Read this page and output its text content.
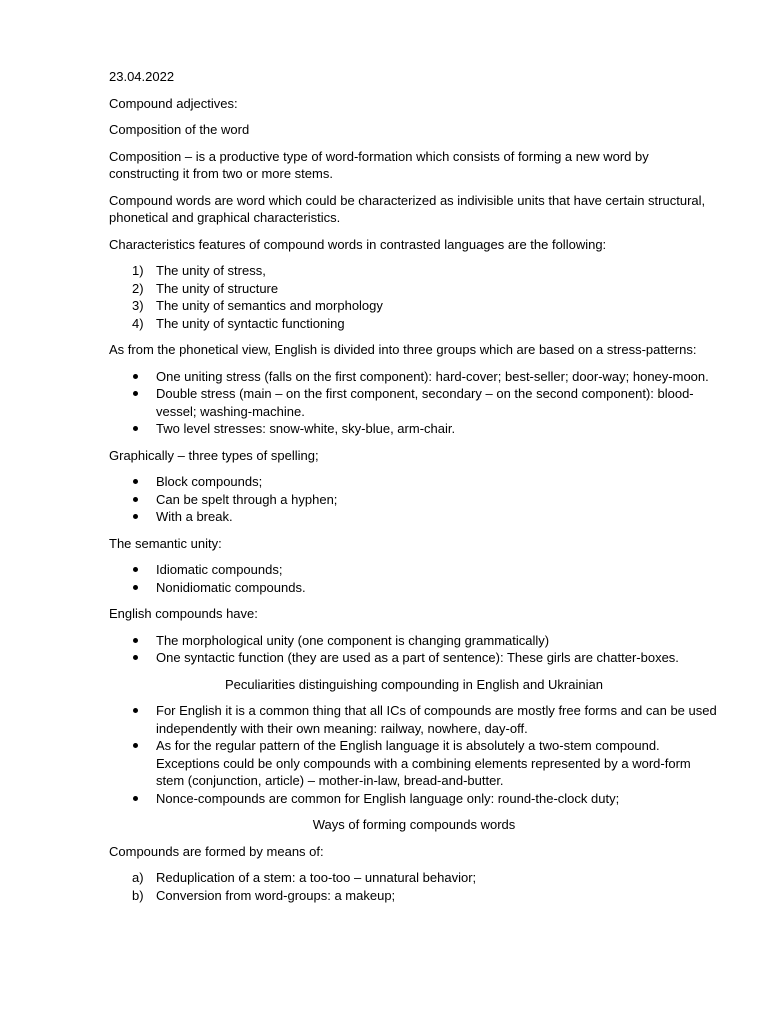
23.04.2022

Compound adjectives:

Composition of the word

Composition – is a productive type of word-formation which consists of forming a new word by constructing it from two or more stems.

Compound words are word which could be characterized as indivisible units that have certain structural, phonetical and graphical characteristics.

Characteristics features of compound words in contrasted languages are the following:

1) The unity of stress,
2) The unity of structure
3) The unity of semantics and morphology
4) The unity of syntactic functioning

As from the phonetical view, English is divided into three groups which are based on a stress-patterns:

One uniting stress (falls on the first component): hard-cover; best-seller; door-way; honey-moon.
Double stress (main – on the first component, secondary – on the second component): blood-vessel; washing-machine.
Two level stresses: snow-white, sky-blue, arm-chair.

Graphically – three types of spelling;

Block compounds;
Can be spelt through a hyphen;
With a break.

The semantic unity:

Idiomatic compounds;
Nonidiomatic compounds.

English compounds have:

The morphological unity (one component is changing grammatically)
One syntactic function (they are used as a part of sentence): These girls are chatter-boxes.

Peculiarities distinguishing compounding in English and Ukrainian

For English it is a common thing that all ICs of compounds are mostly free forms and can be used independently with their own meaning: railway, nowhere, day-off.
As for the regular pattern of the English language it is absolutely a two-stem compound. Exceptions could be only compounds with a combining elements represented by a word-form stem (conjunction, article) – mother-in-law, bread-and-butter.
Nonce-compounds are common for English language only: round-the-clock duty;

Ways of forming compounds words

Compounds are formed by means of:

a) Reduplication of a stem: a too-too – unnatural behavior;
b) Conversion from word-groups: a makeup;
